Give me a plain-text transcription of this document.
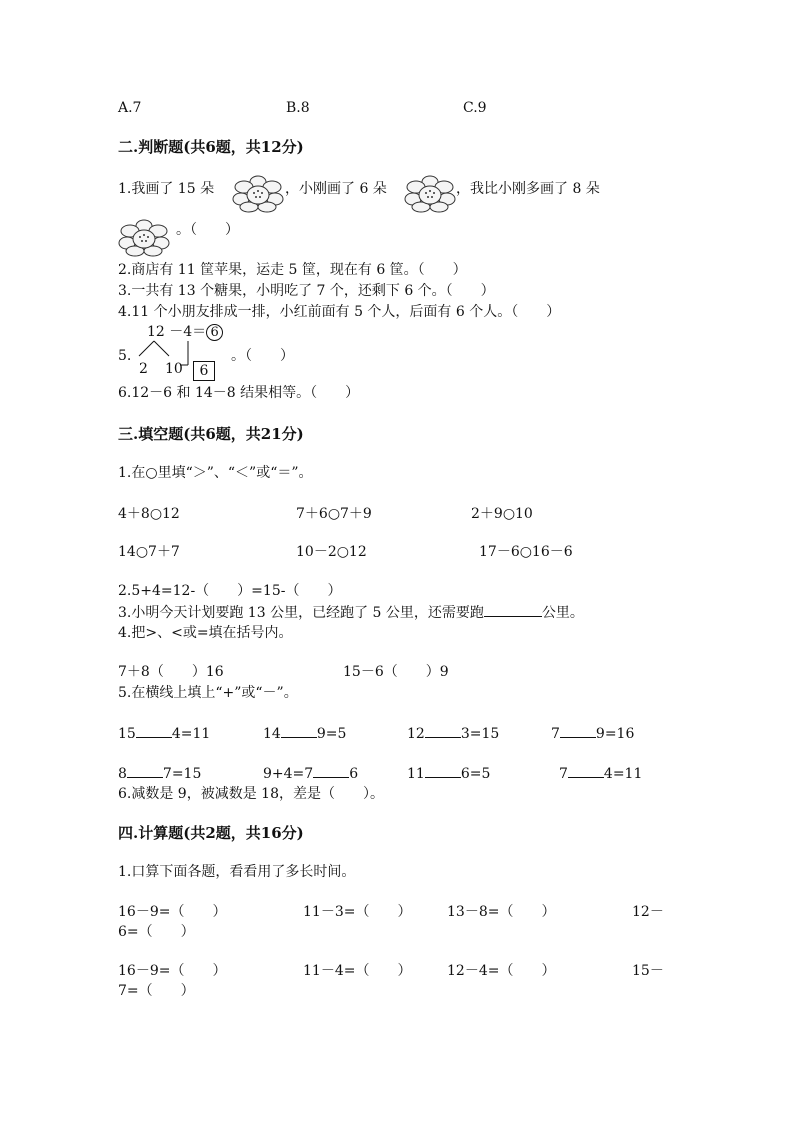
A.7	B.8	C.9
二.判断题(共6题，共12分)
1.我画了 15 朵	，小刚画了 6 朵	，我比小刚多画了 8 朵
。（　　）
2.商店有 11 筐苹果，运走 5 筐，现在有 6 筐。（　　）
3.一共有 13 个糖果，小明吃了 7 个，还剩下 6 个。（　　）
4.11 个小朋友排成一排，小红前面有 5 个人，后面有 6 个人。（　　）
12 －4＝ 6
5.
2 10	6
。（　　）
6.12－6 和 14－8 结果相等。（　　）
三.填空题(共6题，共21分)
1.在○里填“＞”、“＜”或“＝”。
4＋8○12	7＋6○7＋9	2＋9○10
14○7＋7	10－2○12	17－6○16－6
2.5+4=12-（　　）=15-（　　）
3.小明今天计划要跑 13 公里，已经跑了 5 公里，还需要跑	公里。
4.把>、<或=填在括号内。
7＋8（　　）16	15－6（　　）9
5.在横线上填上“+”或“－”。
15	4=11	14	9=5	12	3=15	7	9=16
8	7=15	9+4=7	6	11	6=5	7	4=11
6.减数是 9，被减数是 18，差是（　　）。
四.计算题(共2题，共16分)
1.口算下面各题，看看用了多长时间。
16－9=（　　）	11－3=（　　）	13－8=（　　）	12－
6=（　　）
16－9=（　　）	11－4=（　　）	12－4=（　　）	15－
7=（　　）
